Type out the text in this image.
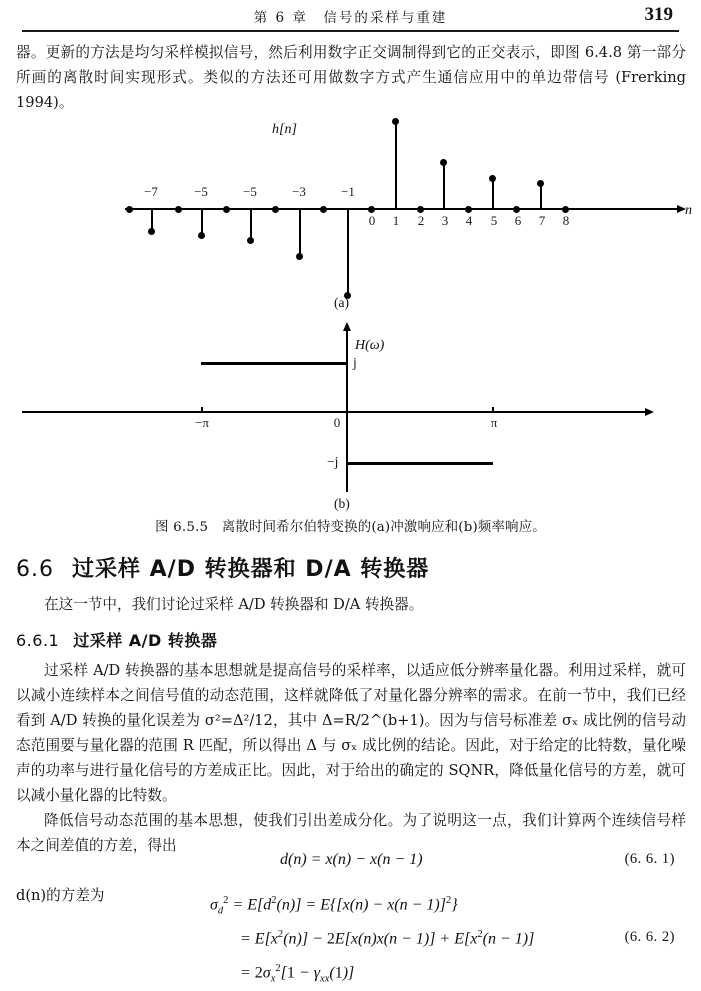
第 6 章　信号的采样与重建	319
器。更新的方法是均匀采样模拟信号，然后利用数字正交调制得到它的正交表示，即图 6.4.8 第一部分所画的离散时间实现形式。类似的方法还可用做数字方式产生通信应用中的单边带信号 (Frerking 1994)。
h[n]
n
−7	−5	−5	−3	−1
0	1	2	3	4	5	6	7	8
(a)
H(ω)
j
−j
−π	0	π
(b)
图 6.5.5　离散时间希尔伯特变换的(a)冲激响应和(b)频率响应。
6.6 过采样 A/D 转换器和 D/A 转换器
在这一节中，我们讨论过采样 A/D 转换器和 D/A 转换器。
6.6.1 过采样 A/D 转换器
过采样 A/D 转换器的基本思想就是提高信号的采样率，以适应低分辨率量化器。利用过采样，就可以减小连续样本之间信号值的动态范围，这样就降低了对量化器分辨率的需求。在前一节中，我们已经看到 A/D 转换的量化误差为 σ²=Δ²/12，其中 Δ=R/2^(b+1)。因为与信号标准差 σₓ 成比例的信号动态范围要与量化器的范围 R 匹配，所以得出 Δ 与 σₓ 成比例的结论。因此，对于给定的比特数，量化噪声的功率与进行量化信号的方差成正比。因此，对于给出的确定的 SQNR，降低量化信号的方差，就可以减小量化器的比特数。
降低信号动态范围的基本思想，使我们引出差成分化。为了说明这一点，我们计算两个连续信号样本之间差值的方差，得出
d(n) = x(n) − x(n − 1)	(6. 6. 1)
d(n)的方差为
$\sigma_d^2 = E[d^2(n)] = E\{[x(n) - x(n - 1)]^2\}$
= $E[x^2(n)] - 2E[x(n)x(n - 1)] + E[x^2(n - 1)]$
= $2\sigma_x^2[1 - \gamma_{xx}(1)]$
(6. 6. 2)
